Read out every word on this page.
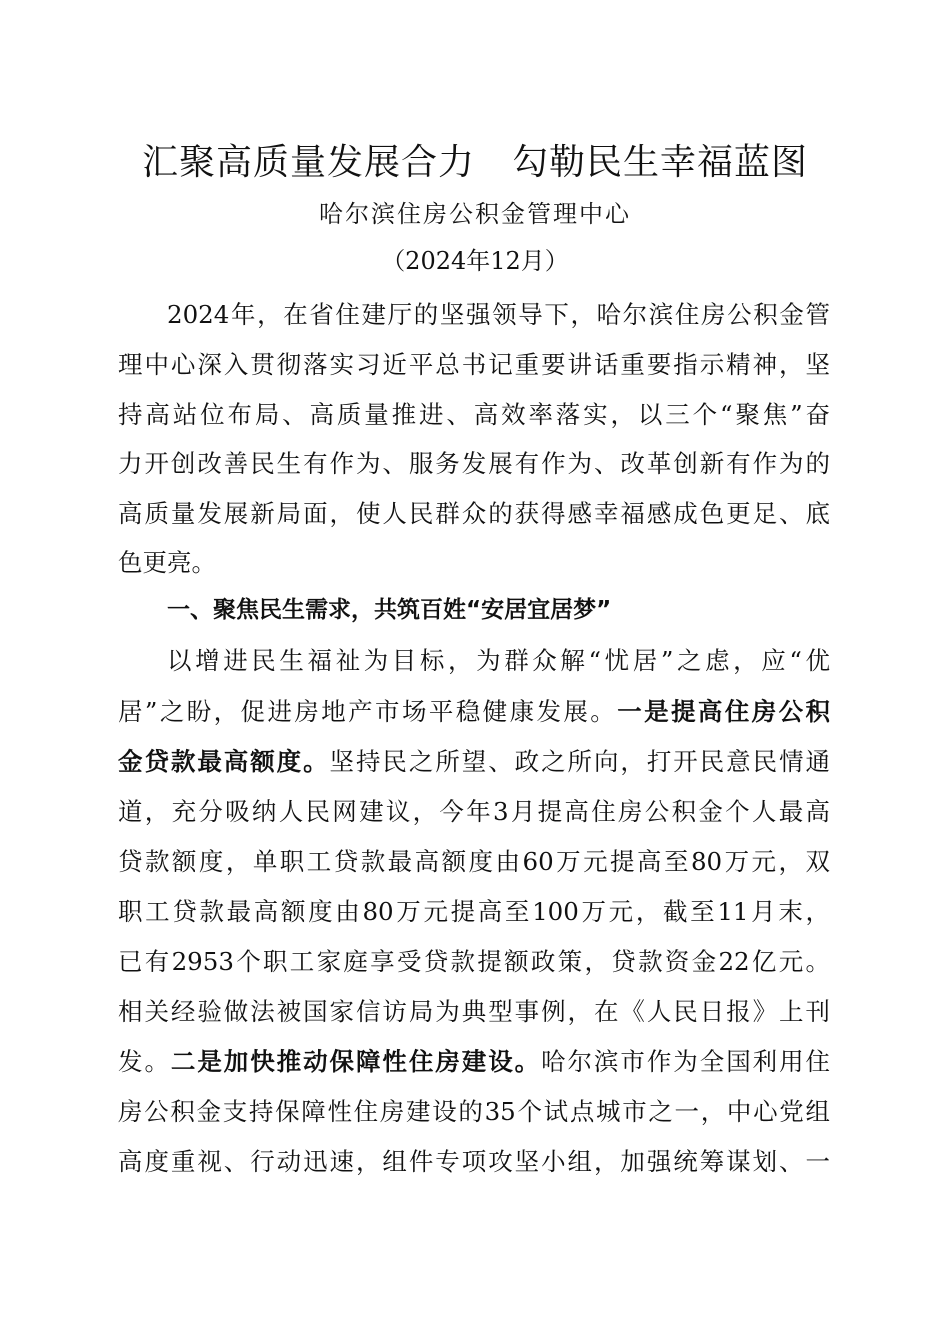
汇聚高质量发展合力　勾勒民生幸福蓝图
哈尔滨住房公积金管理中心
（2024年12月）
2024年，在省住建厅的坚强领导下，哈尔滨住房公积金管
理中心深入贯彻落实习近平总书记重要讲话重要指示精神，坚
持高站位布局、高质量推进、高效率落实，以三个“聚焦”奋
力开创改善民生有作为、服务发展有作为、改革创新有作为的
高质量发展新局面，使人民群众的获得感幸福感成色更足、底
色更亮。
一、聚焦民生需求，共筑百姓“安居宜居梦”
以增进民生福祉为目标，为群众解“忧居”之虑，应“优
居”之盼，促进房地产市场平稳健康发展。一是提高住房公积
金贷款最高额度。坚持民之所望、政之所向，打开民意民情通
道，充分吸纳人民网建议，今年3月提高住房公积金个人最高
贷款额度，单职工贷款最高额度由60万元提高至80万元，双
职工贷款最高额度由80万元提高至100万元，截至11月末，
已有2953个职工家庭享受贷款提额政策，贷款资金22亿元。
相关经验做法被国家信访局为典型事例，在《人民日报》上刊
发。二是加快推动保障性住房建设。哈尔滨市作为全国利用住
房公积金支持保障性住房建设的35个试点城市之一，中心党组
高度重视、行动迅速，组件专项攻坚小组，加强统筹谋划、一
